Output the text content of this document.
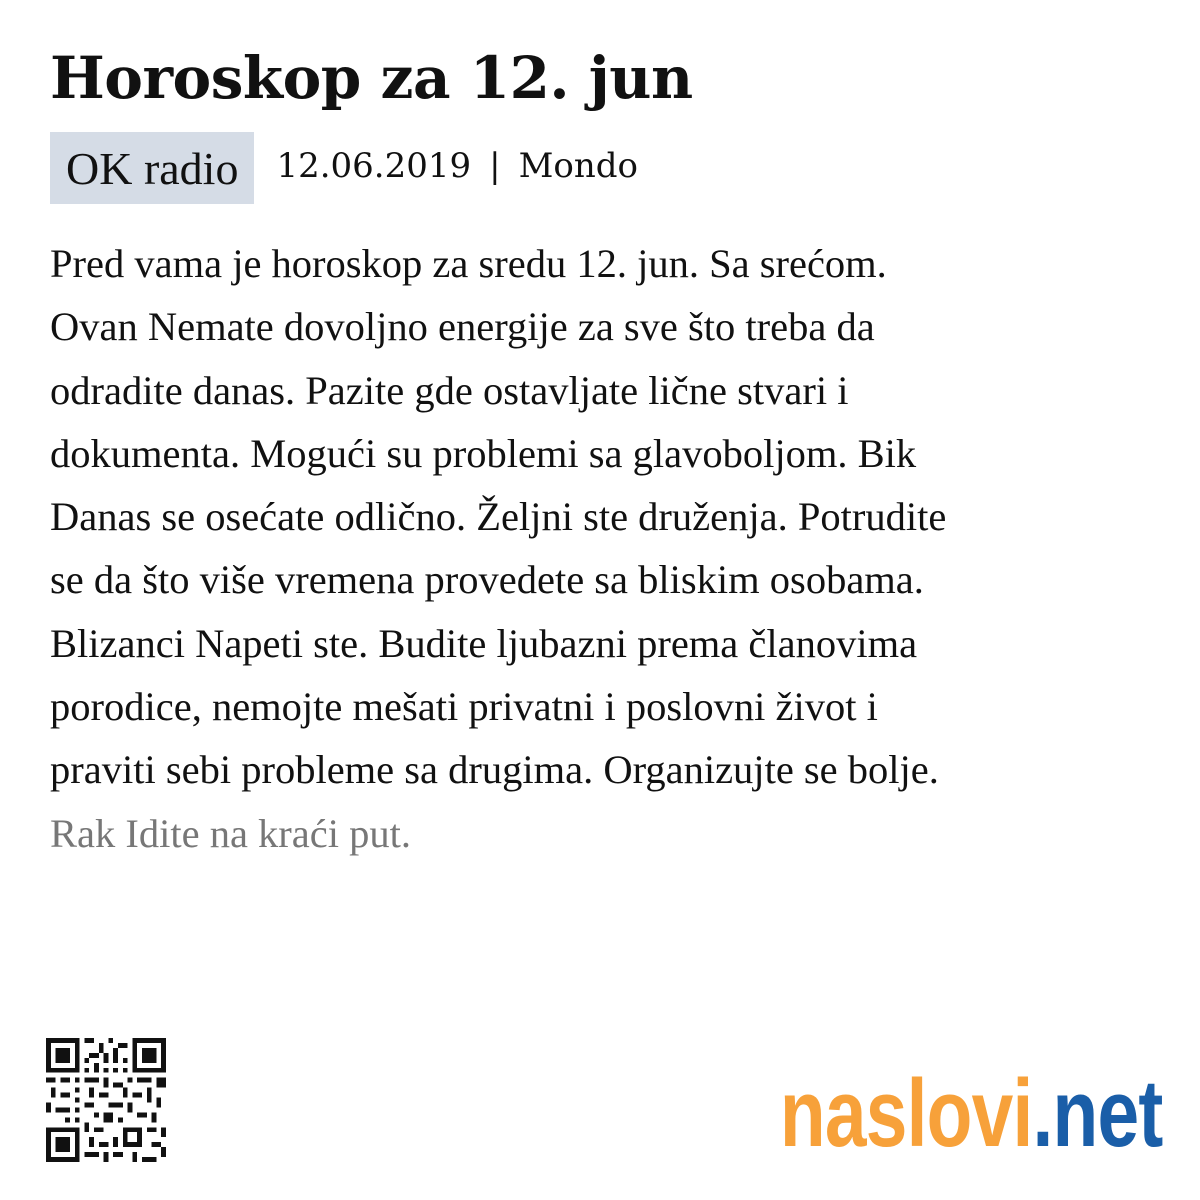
Horoskop za 12. jun
OK radio	12.06.2019 | Mondo
Pred vama je horoskop za sredu 12. jun. Sa srećom.
Ovan Nemate dovoljno energije za sve što treba da
odradite danas. Pazite gde ostavljate lične stvari i
dokumenta. Mogući su problemi sa glavoboljom. Bik
Danas se osećate odlično. Željni ste druženja. Potrudite
se da što više vremena provedete sa bliskim osobama.
Blizanci Napeti ste. Budite ljubazni prema članovima
porodice, nemojte mešati privatni i poslovni život i
praviti sebi probleme sa drugima. Organizujte se bolje.
Rak Idite na kraći put.
naslovi.net
